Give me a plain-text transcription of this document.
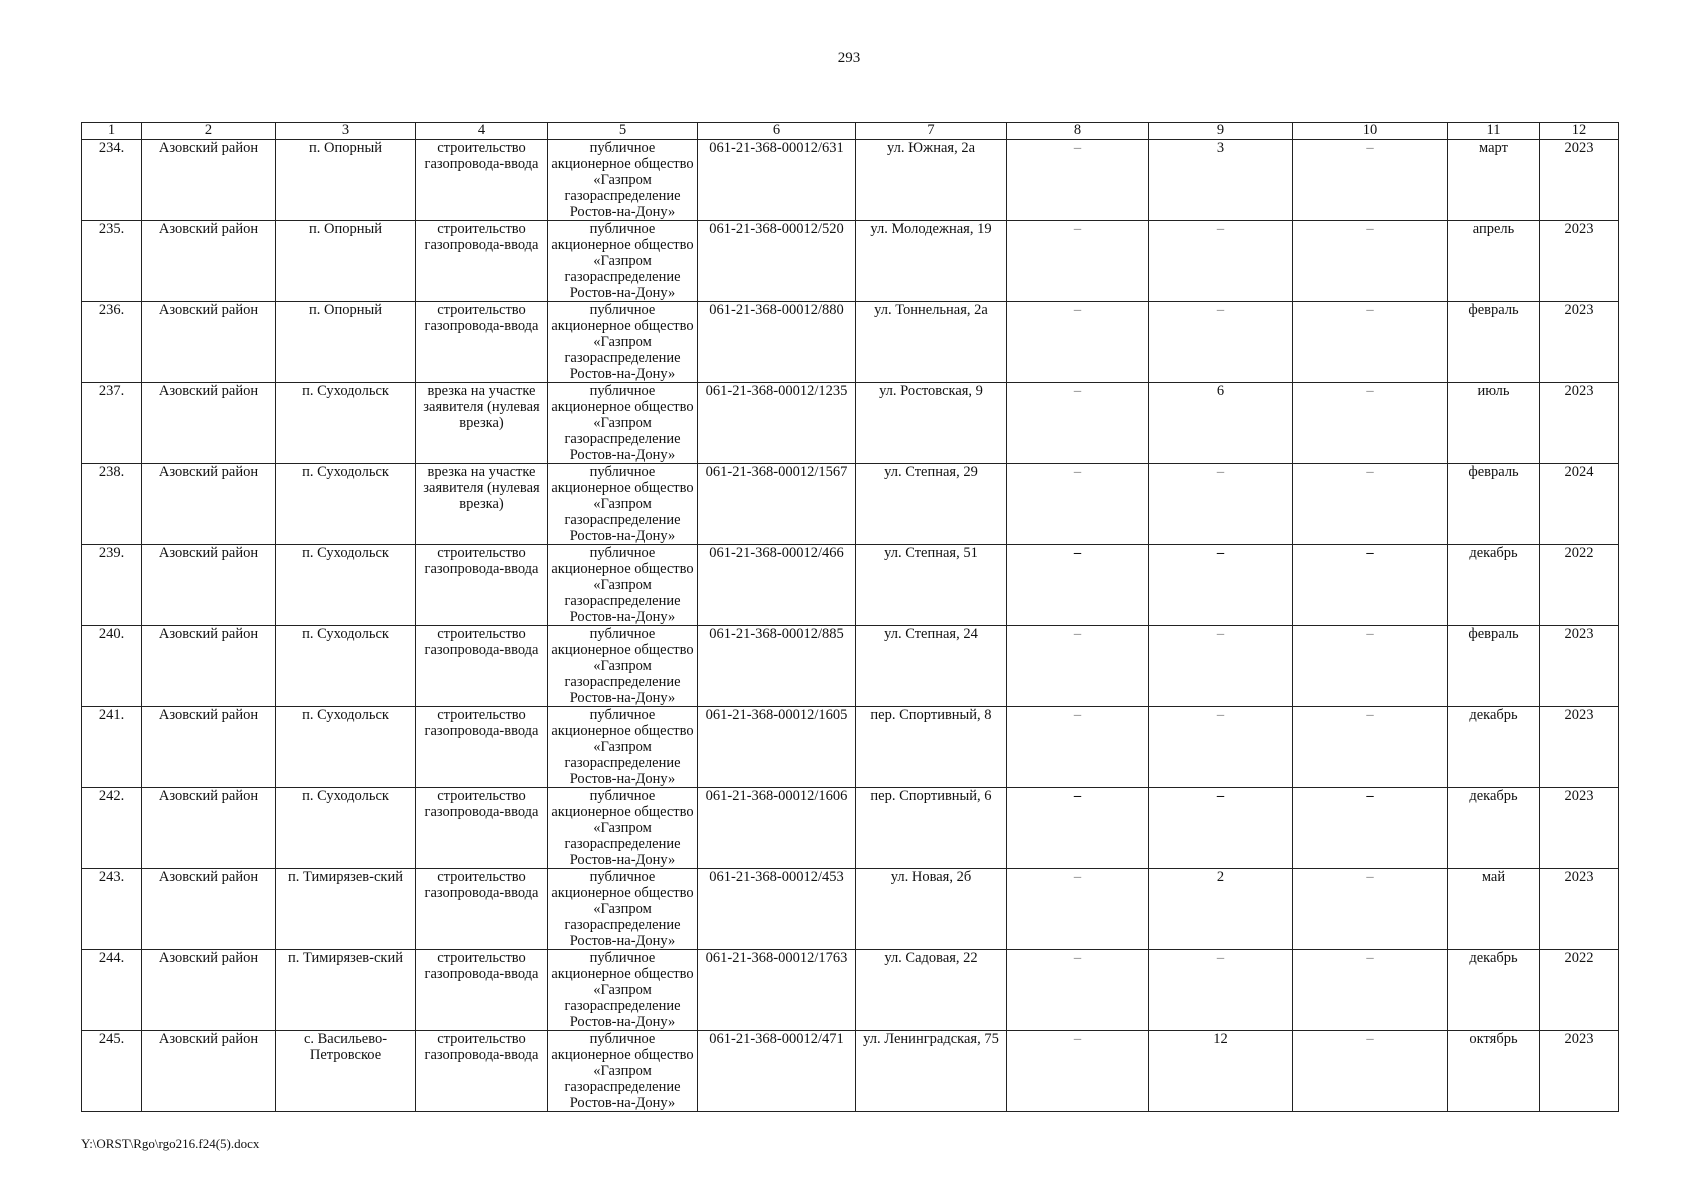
293
1	2	3	4	5	6	7	8	9	10	11	12
234.	Азовский район	п. Опорный	строительство газопровода-ввода	публичное акционерное общество «Газпром газораспределение Ростов-на-Дону»	061-21-368-00012/631	ул. Южная, 2а	–	3	–	март	2023
235.	Азовский район	п. Опорный	строительство газопровода-ввода	публичное акционерное общество «Газпром газораспределение Ростов-на-Дону»	061-21-368-00012/520	ул. Молодежная, 19	–	–	–	апрель	2023
236.	Азовский район	п. Опорный	строительство газопровода-ввода	публичное акционерное общество «Газпром газораспределение Ростов-на-Дону»	061-21-368-00012/880	ул. Тоннельная, 2а	–	–	–	февраль	2023
237.	Азовский район	п. Суходольск	врезка на участке заявителя (нулевая врезка)	публичное акционерное общество «Газпром газораспределение Ростов-на-Дону»	061-21-368-00012/1235	ул. Ростовская, 9	–	6	–	июль	2023
238.	Азовский район	п. Суходольск	врезка на участке заявителя (нулевая врезка)	публичное акционерное общество «Газпром газораспределение Ростов-на-Дону»	061-21-368-00012/1567	ул. Степная, 29	–	–	–	февраль	2024
239.	Азовский район	п. Суходольск	строительство газопровода-ввода	публичное акционерное общество «Газпром газораспределение Ростов-на-Дону»	061-21-368-00012/466	ул. Степная, 51	–	–	–	декабрь	2022
240.	Азовский район	п. Суходольск	строительство газопровода-ввода	публичное акционерное общество «Газпром газораспределение Ростов-на-Дону»	061-21-368-00012/885	ул. Степная, 24	–	–	–	февраль	2023
241.	Азовский район	п. Суходольск	строительство газопровода-ввода	публичное акционерное общество «Газпром газораспределение Ростов-на-Дону»	061-21-368-00012/1605	пер. Спортивный, 8	–	–	–	декабрь	2023
242.	Азовский район	п. Суходольск	строительство газопровода-ввода	публичное акционерное общество «Газпром газораспределение Ростов-на-Дону»	061-21-368-00012/1606	пер. Спортивный, 6	–	–	–	декабрь	2023
243.	Азовский район	п. Тимирязев-ский	строительство газопровода-ввода	публичное акционерное общество «Газпром газораспределение Ростов-на-Дону»	061-21-368-00012/453	ул. Новая, 2б	–	2	–	май	2023
244.	Азовский район	п. Тимирязев-ский	строительство газопровода-ввода	публичное акционерное общество «Газпром газораспределение Ростов-на-Дону»	061-21-368-00012/1763	ул. Садовая, 22	–	–	–	декабрь	2022
245.	Азовский район	с. Васильево-Петровское	строительство газопровода-ввода	публичное акционерное общество «Газпром газораспределение Ростов-на-Дону»	061-21-368-00012/471	ул. Ленинградская, 75	–	12	–	октябрь	2023
Y:\ORST\Rgo\rgo216.f24(5).docx
